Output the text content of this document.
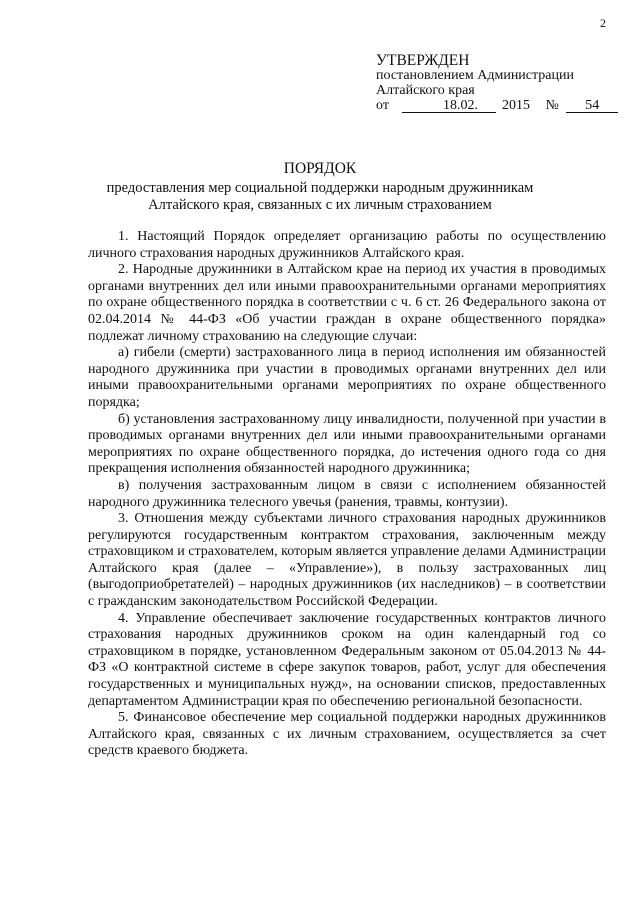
2
УТВЕРЖДЕН
постановлением Администрации
Алтайского края
от	18.02. 2015 № 54
ПОРЯДОК
предоставления мер социальной поддержки народным дружинникам
Алтайского края, связанных с их личным страхованием

1. Настоящий Порядок определяет организацию работы по осуществлению личного страхования народных дружинников Алтайского края.

2. Народные дружинники в Алтайском крае на период их участия в проводимых органами внутренних дел или иными правоохранительными органами мероприятиях по охране общественного порядка в соответствии с ч. 6 ст. 26 Федерального закона от 02.04.2014 № 44-ФЗ «Об участии граждан в охране общественного порядка» подлежат личному страхованию на следующие случаи:

а) гибели (смерти) застрахованного лица в период исполнения им обязанностей народного дружинника при участии в проводимых органами внутренних дел или иными правоохранительными органами мероприятиях по охране общественного порядка;

б) установления застрахованному лицу инвалидности, полученной при участии в проводимых органами внутренних дел или иными правоохранительными органами мероприятиях по охране общественного порядка, до истечения одного года со дня прекращения исполнения обязанностей народного дружинника;

в) получения застрахованным лицом в связи с исполнением обязанностей народного дружинника телесного увечья (ранения, травмы, контузии).

3. Отношения между субъектами личного страхования народных дружинников регулируются государственным контрактом страхования, заключенным между страховщиком и страхователем, которым является управление делами Администрации Алтайского края (далее – «Управление»), в пользу застрахованных лиц (выгодоприобретателей) – народных дружинников (их наследников) – в соответствии с гражданским законодательством Российской Федерации.

4. Управление обеспечивает заключение государственных контрактов личного страхования народных дружинников сроком на один календарный год со страховщиком в порядке, установленном Федеральным законом от 05.04.2013 № 44-ФЗ «О контрактной системе в сфере закупок товаров, работ, услуг для обеспечения государственных и муниципальных нужд», на основании списков, предоставленных департаментом Администрации края по обеспечению региональной безопасности.

5. Финансовое обеспечение мер социальной поддержки народных дружинников Алтайского края, связанных с их личным страхованием, осуществляется за счет средств краевого бюджета.
